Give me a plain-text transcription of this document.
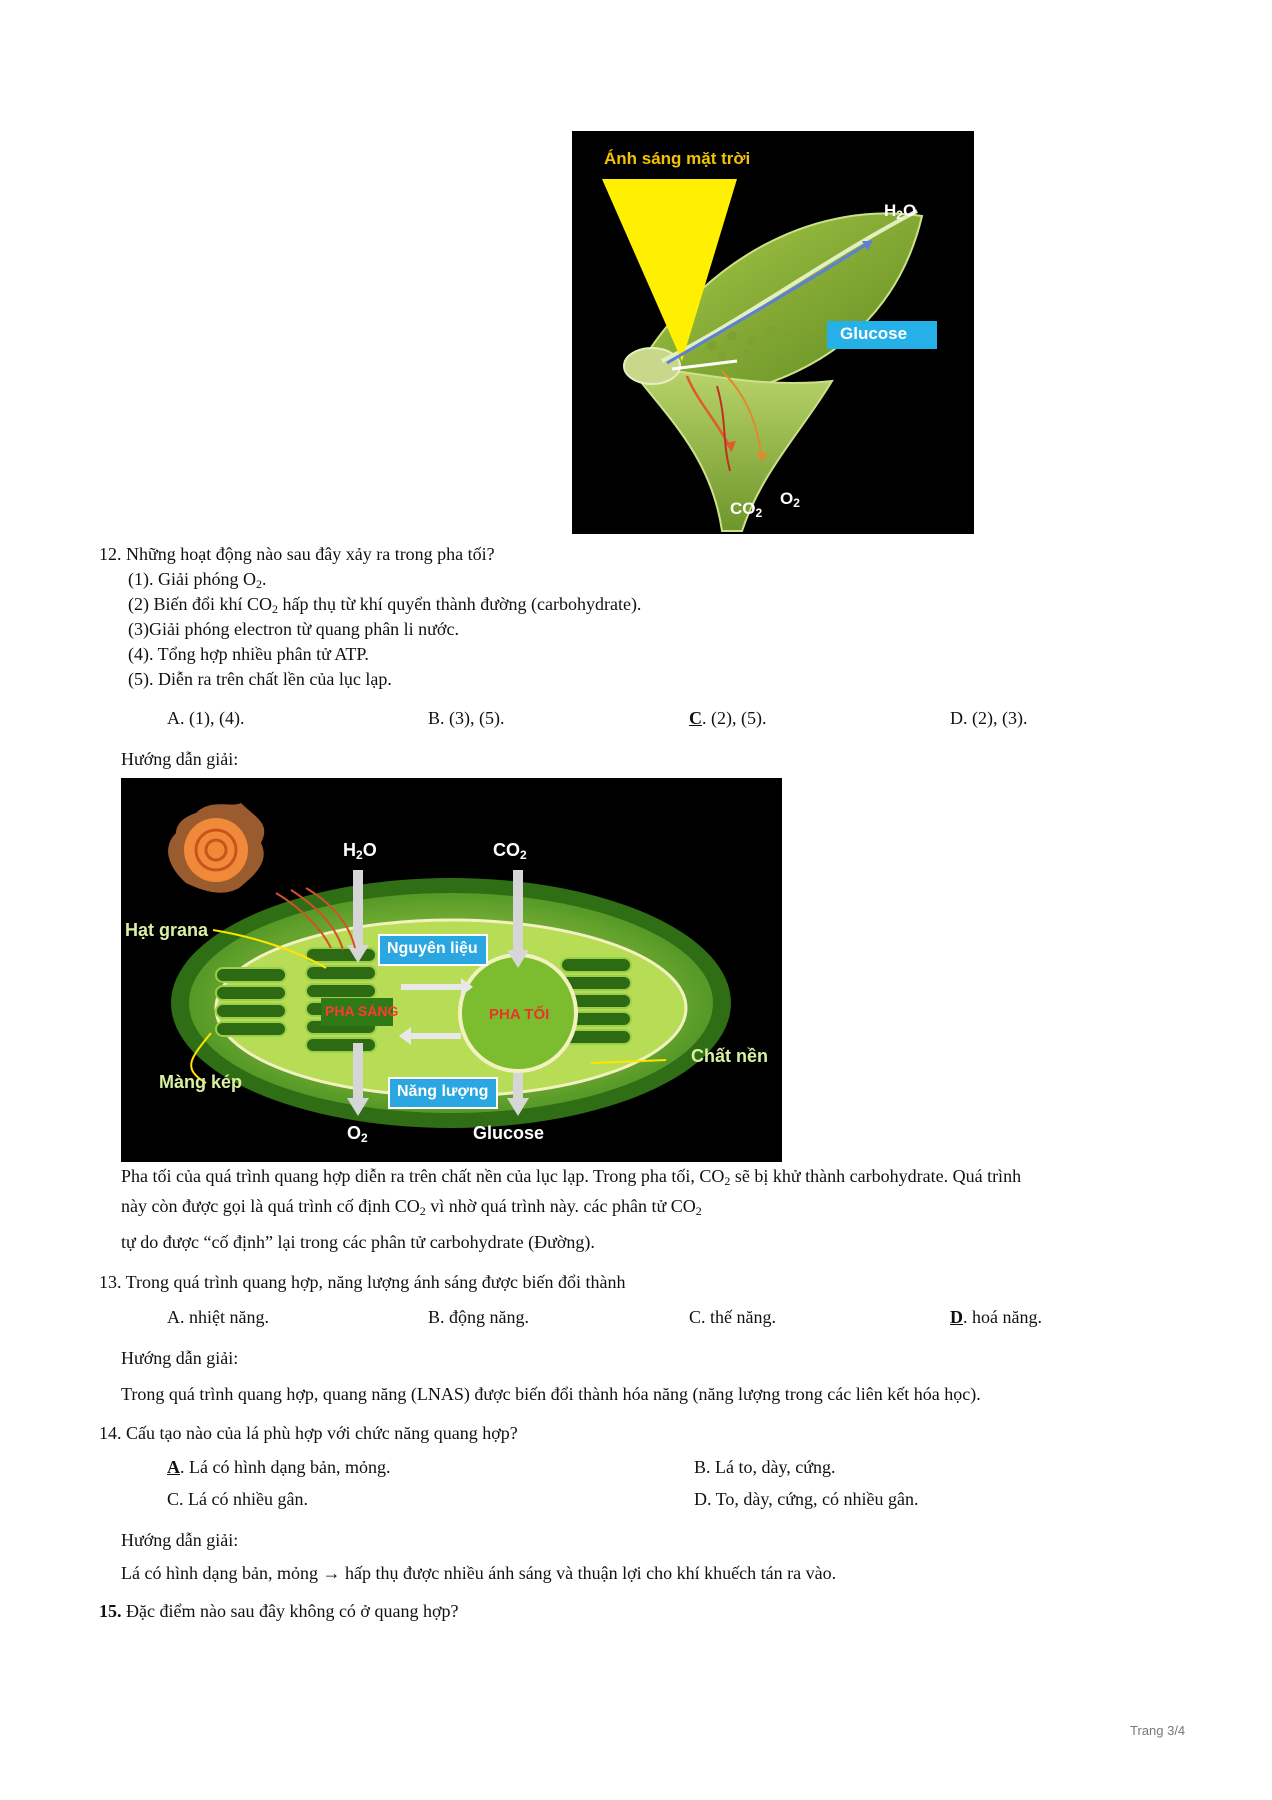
Ánh sáng mặt trời
$H_2O$
Glucose
$CO_2$
$O_2$
12. Những hoạt động nào sau đây xảy ra trong pha tối?
(1). Giải phóng $O_2$.
(2) Biến đổi khí $CO_2$ hấp thụ từ khí quyển thành đường (carbohydrate).
(3)Giải phóng electron từ quang phân li nước.
(4). Tổng hợp nhiều phân tử ATP.
(5). Diễn ra trên chất lền của lục lạp.
A. (1), (4).	B. (3), (5).	C. (2), (5).	D. (2), (3).
Hướng dẫn giải:
$H_2O$	$CO_2$
Hạt grana
Nguyên liệu
PHA SÁNG	PHA TỐI
Chất nền
Màng kép	Năng lượng
$O_2$	Glucose
Pha tối của quá trình quang hợp diễn ra trên chất nền của lục lạp. Trong pha tối, $CO_2$ sẽ bị khử thành carbohydrate. Quá trình
này còn được gọi là quá trình cố định $CO_2$ vì nhờ quá trình này. các phân tử $CO_2$
tự do được “cố định” lại trong các phân tử carbohydrate (Đường).
13. Trong quá trình quang hợp, năng lượng ánh sáng được biến đổi thành
A. nhiệt năng.	B. động năng.	C. thế năng.	D. hoá năng.
Hướng dẫn giải:
Trong quá trình quang hợp, quang năng (LNAS) được biến đổi thành hóa năng (năng lượng trong các liên kết hóa học).
14. Cấu tạo nào của lá phù hợp với chức năng quang hợp?
A. Lá có hình dạng bản, mỏng.	B. Lá to, dày, cứng.
C. Lá có nhiều gân.	D. To, dày, cứng, có nhiều gân.
Hướng dẫn giải:
Lá có hình dạng bản, mỏng → hấp thụ được nhiều ánh sáng và thuận lợi cho khí khuếch tán ra vào.
15. Đặc điểm nào sau đây không có ở quang hợp?
Trang 3/4
